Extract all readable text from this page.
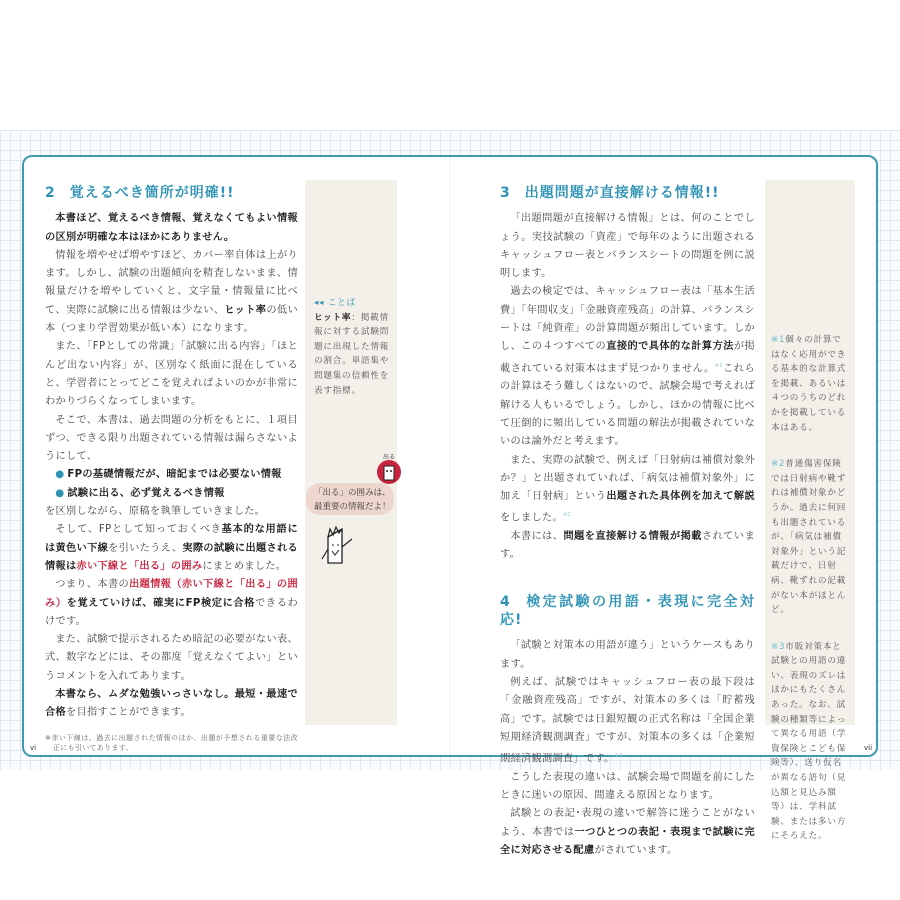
2 覚えるべき箇所が明確!!

本書ほど、覚えるべき情報、覚えなくてもよい情報の区別が明確な本はほかにありません。

情報を増やせば増やすほど、カバー率自体は上がります。しかし、試験の出題傾向を精査しないまま、情報量だけを増やしていくと、文字量・情報量に比べて、実際に試験に出る情報は少ない、ヒット率の低い本（つまり学習効果が低い本）になります。

また、「FPとしての常識」「試験に出る内容」「ほとんど出ない内容」が、区別なく紙面に混在していると、学習者にとってどこを覚えればよいのかが非常にわかりづらくなってしまいます。

そこで、本書は、過去問題の分析をもとに、１項目ずつ、できる限り出題されている情報は漏らさないようにして、

● FPの基礎情報だが、暗記までは必要ない情報

● 試験に出る、必ず覚えるべき情報

を区別しながら、原稿を執筆していきました。

そして、FPとして知っておくべき基本的な用語には黄色い下線を引いたうえ、実際の試験に出題される情報は赤い下線と「出る」の囲みにまとめました。

つまり、本書の出題情報（赤い下線と「出る」の囲み）を覚えていけば、確実にFP検定に合格できるわけです。

また、試験で提示されるため暗記の必要がない表、式、数字などには、その都度「覚えなくてよい」というコメントを入れてあります。

本書なら、ムダな勉強いっさいなし。最短・最速で合格を目指すことができます。

※赤い下線は、過去に出題された情報のほか、出題が予想される重要な法改正にも引いてあります。
◂◂ ことば
ヒット率：掲載情報に対する試験問題に出現した情報の割合。単語集や問題集の信頼性を表す指標。
出る
「出る」の囲みは、最重要の情報だよ！
3 出題問題が直接解ける情報!!

「出題問題が直接解ける情報」とは、何のことでしょう。実技試験の「資産」で毎年のように出題されるキャッシュフロー表とバランスシートの問題を例に説明します。

過去の検定では、キャッシュフロー表は「基本生活費」「年間収支」「金融資産残高」の計算、バランスシートは「純資産」の計算問題が頻出しています。しかし、この４つすべての直接的で具体的な計算方法が掲載されている対策本はまず見つかりません。$^{※1}$これらの計算はそう難しくはないので、試験会場で考えれば解ける人もいるでしょう。しかし、ほかの情報に比べて圧倒的に頻出している問題の解法が掲載されていないのは論外だと考えます。

また、実際の試験で、例えば「日射病は補償対象外か？」と出題されていれば、「病気は補償対象外」に加え「日射病」という出題された具体例を加えて解説をしました。$^{※2}$

本書には、問題を直接解ける情報が掲載されています。

4 検定試験の用語・表現に完全対応!

「試験と対策本の用語が違う」というケースもあります。

例えば、試験ではキャッシュフロー表の最下段は「金融資産残高」ですが、対策本の多くは「貯蓄残高」です。試験では日銀短観の正式名称は「全国企業短期経済観測調査」ですが、対策本の多くは「企業短期経済観測調査」です。$^{※3}$

こうした表現の違いは、試験会場で問題を前にしたときに迷いの原因、間違える原因となります。

試験との表記･表現の違いで解答に迷うことがないよう、本書では一つひとつの表記・表現まで試験に完全に対応させる配慮がされています。

※1個々の計算ではなく応用ができる基本的な計算式を掲載、あるいは４つのうちのどれかを掲載している本はある。
※2普通傷害保険では日射病や靴ずれは補償対象かどうか。過去に何回も出題されているが、「病気は補償対象外」という記載だけで、日射病、靴ずれの記載がない本がほとんど。
※3市販対策本と試験との用語の違い、表現のズレはほかにもたくさんあった。なお、試験の種類等によって異なる用語（学資保険とこども保険等）、送り仮名が異なる語句（見込額と見込み額等）は、学科試験、または多い方にそろえた。
vi	vii
